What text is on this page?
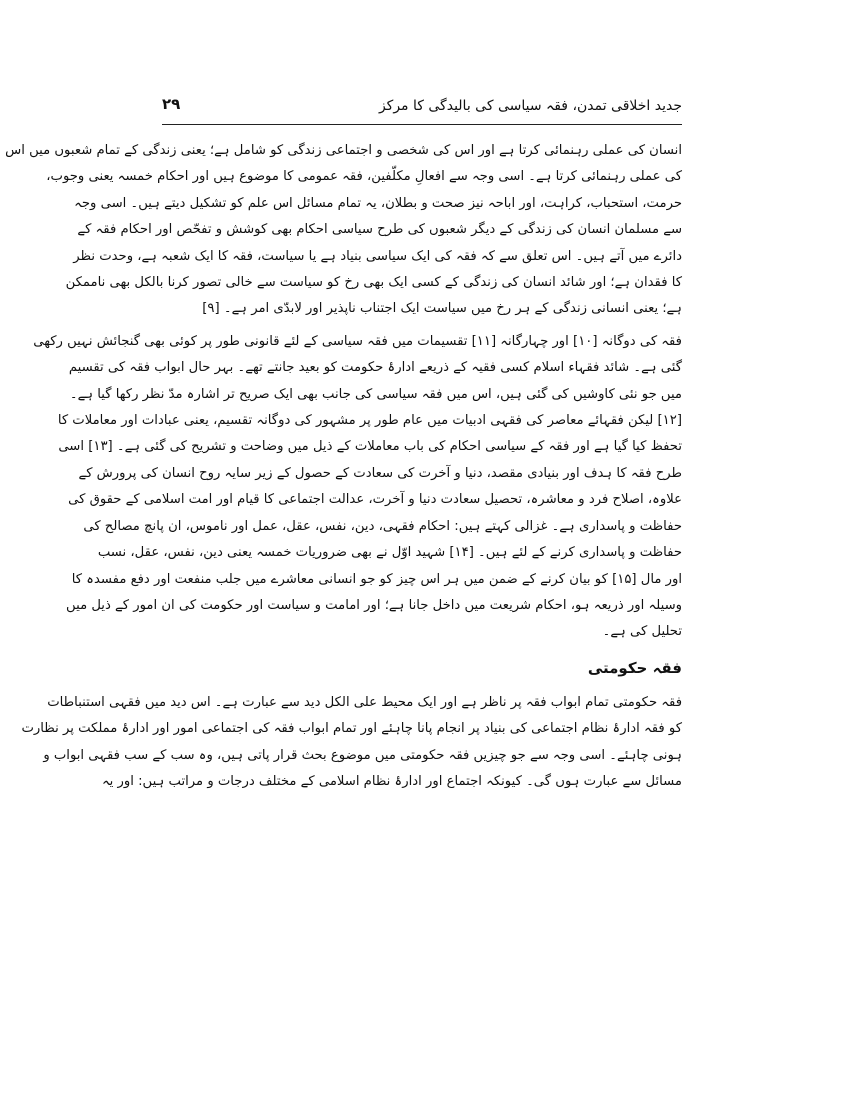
جدید اخلاقی تمدن، فقہ سیاسی کی بالیدگی کا مرکز
۲۹

انسان کی عملی رہنمائی کرتا ہے اور اس کی شخصی و اجتماعی زندگی کو شامل ہے؛ یعنی زندگی کے تمام شعبوں میں اس
کی عملی رہنمائی کرتا ہے۔ اسی وجہ سے افعالِ مکلّفین، فقہ عمومی کا موضوع ہیں اور احکام خمسہ یعنی وجوب،
حرمت، استحباب، کراہت، اور اباحہ نیز صحت و بطلان، یہ تمام مسائل اس علم کو تشکیل دیتے ہیں۔ اسی وجہ
سے مسلمان انسان کی زندگی کے دیگر شعبوں کی طرح سیاسی احکام بھی کوشش و تفحّص اور احکام فقہ کے
دائرے میں آتے ہیں۔ اس تعلق سے کہ فقہ کی ایک سیاسی بنیاد ہے یا سیاست، فقہ کا ایک شعبہ ہے، وحدت نظر
کا فقدان ہے؛ اور شائد انسان کی زندگی کے کسی ایک بھی رخ کو سیاست سے خالی تصور کرنا بالکل بھی ناممکن
ہے؛ یعنی انسانی زندگی کے ہر رخ میں سیاست ایک اجتناب ناپذیر اور لابدّی امر ہے۔ [۹]

فقہ کی دوگانہ [۱۰] اور چہارگانہ [۱۱] تقسیمات میں فقہ سیاسی کے لئے قانونی طور پر کوئی بھی گنجائش نہیں رکھی
گئی ہے۔ شائد فقہاء اسلام کسی فقیہ کے ذریعے ادارۂ حکومت کو بعید جانتے تھے۔ بہر حال ابواب فقہ کی تقسیم
میں جو نئی کاوشیں کی گئی ہیں، اس میں فقہ سیاسی کی جانب بھی ایک صریح تر اشارہ مدّ نظر رکھا گیا ہے۔
[۱۲] لیکن فقہائے معاصر کی فقہی ادبیات میں عام طور پر مشہور کی دوگانہ تقسیم، یعنی عبادات اور معاملات کا
تحفظ کیا گیا ہے اور فقہ کے سیاسی احکام کی باب معاملات کے ذیل میں وضاحت و تشریح کی گئی ہے۔ [۱۳] اسی
طرح فقہ کا ہدف اور بنیادی مقصد، دنیا و آخرت کی سعادت کے حصول کے زیر سایہ روح انسان کی پرورش کے
علاوہ، اصلاح فرد و معاشرہ، تحصیل سعادت دنیا و آخرت، عدالت اجتماعی کا قیام اور امت اسلامی کے حقوق کی
حفاظت و پاسداری ہے۔ غزالی کہتے ہیں: احکام فقہی، دین، نفس، عقل، عمل اور ناموس، ان پانچ مصالح کی
حفاظت و پاسداری کرنے کے لئے ہیں۔ [۱۴] شہید اوّل نے بھی ضروریات خمسہ یعنی دین، نفس، عقل، نسب
اور مال [۱۵] کو بیان کرنے کے ضمن میں ہر اس چیز کو جو انسانی معاشرے میں جلب منفعت اور دفع مفسدہ کا
وسیلہ اور ذریعہ ہو، احکام شریعت میں داخل جانا ہے؛ اور امامت و سیاست اور حکومت کی ان امور کے ذیل میں
تحلیل کی ہے۔

فقہ حکومتی

فقہ حکومتی تمام ابواب فقہ پر ناظر ہے اور ایک محیط علی الکل دید سے عبارت ہے۔ اس دید میں فقہی استنباطات
کو فقہ ادارۂ نظام اجتماعی کی بنیاد پر انجام پانا چاہئے اور تمام ابواب فقہ کی اجتماعی امور اور ادارۂ مملکت پر نظارت
ہونی چاہئے۔ اسی وجہ سے جو چیزیں فقہ حکومتی میں موضوع بحث قرار پاتی ہیں، وہ سب کے سب فقہی ابواب و
مسائل سے عبارت ہوں گی۔ کیونکہ اجتماع اور ادارۂ نظام اسلامی کے مختلف درجات و مراتب ہیں: اور یہ
